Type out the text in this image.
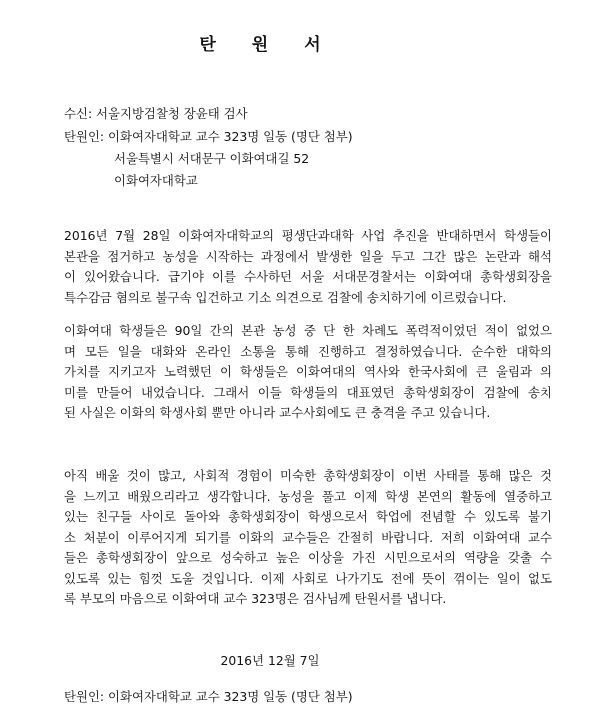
탄원서
수신: 서울지방검찰청 장윤태 검사
탄원인: 이화여자대학교 교수 323명 일동 (명단 첨부)
서울특별시 서대문구 이화여대길 52
이화여자대학교
2016년 7월 28일 이화여자대학교의 평생단과대학 사업 추진을 반대하면서 학생들이
본관을 점거하고 농성을 시작하는 과정에서 발생한 일을 두고 그간 많은 논란과 해석
이 있어왔습니다. 급기야 이를 수사하던 서울 서대문경찰서는 이화여대 총학생회장을
특수감금 혐의로 불구속 입건하고 기소 의견으로 검찰에 송치하기에 이르렀습니다.
이화여대 학생들은 90일 간의 본관 농성 중 단 한 차례도 폭력적이었던 적이 없었으
며 모든 일을 대화와 온라인 소통을 통해 진행하고 결정하였습니다. 순수한 대학의
가치를 지키고자 노력했던 이 학생들은 이화여대의 역사와 한국사회에 큰 울림과 의
미를 만들어 내었습니다. 그래서 이들 학생들의 대표였던 총학생회장이 검찰에 송치
된 사실은 이화의 학생사회 뿐만 아니라 교수사회에도 큰 충격을 주고 있습니다.
아직 배울 것이 많고, 사회적 경험이 미숙한 총학생회장이 이번 사태를 통해 많은 것
을 느끼고 배웠으리라고 생각합니다. 농성을 풀고 이제 학생 본연의 활동에 열중하고
있는 친구들 사이로 돌아와 총학생회장이 학생으로서 학업에 전념할 수 있도록 불기
소 처분이 이루어지게 되기를 이화의 교수들은 간절히 바랍니다. 저희 이화여대 교수
들은 총학생회장이 앞으로 성숙하고 높은 이상을 가진 시민으로서의 역량을 갖출 수
있도록 있는 힘껏 도울 것입니다. 이제 사회로 나가기도 전에 뜻이 꺾이는 일이 없도
록 부모의 마음으로 이화여대 교수 323명은 검사님께 탄원서를 냅니다.
2016년 12월 7일
탄원인: 이화여자대학교 교수 323명 일동 (명단 첨부)
